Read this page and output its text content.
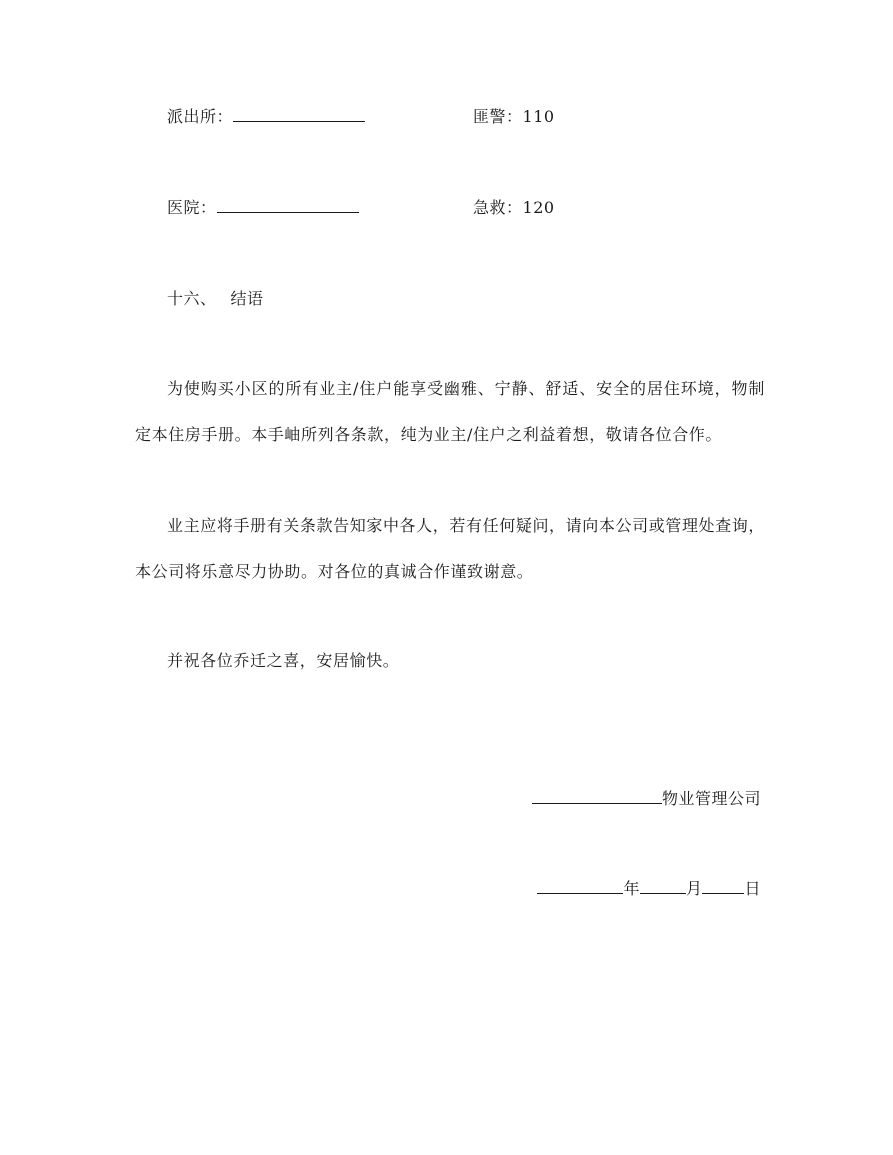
派出所：	匪警：110
医院：	急救：120
十六、 结语
为使购买小区的所有业主/住户能享受幽雅、宁静、舒适、安全的居住环境，物制定本住房手册。本手岫所列各条款，纯为业主/住户之利益着想，敬请各位合作。
业主应将手册有关条款告知家中各人，若有任何疑问，请向本公司或管理处查询，本公司将乐意尽力协助。对各位的真诚合作谨致谢意。
并祝各位乔迁之喜，安居愉快。
物业管理公司
年	月	日
